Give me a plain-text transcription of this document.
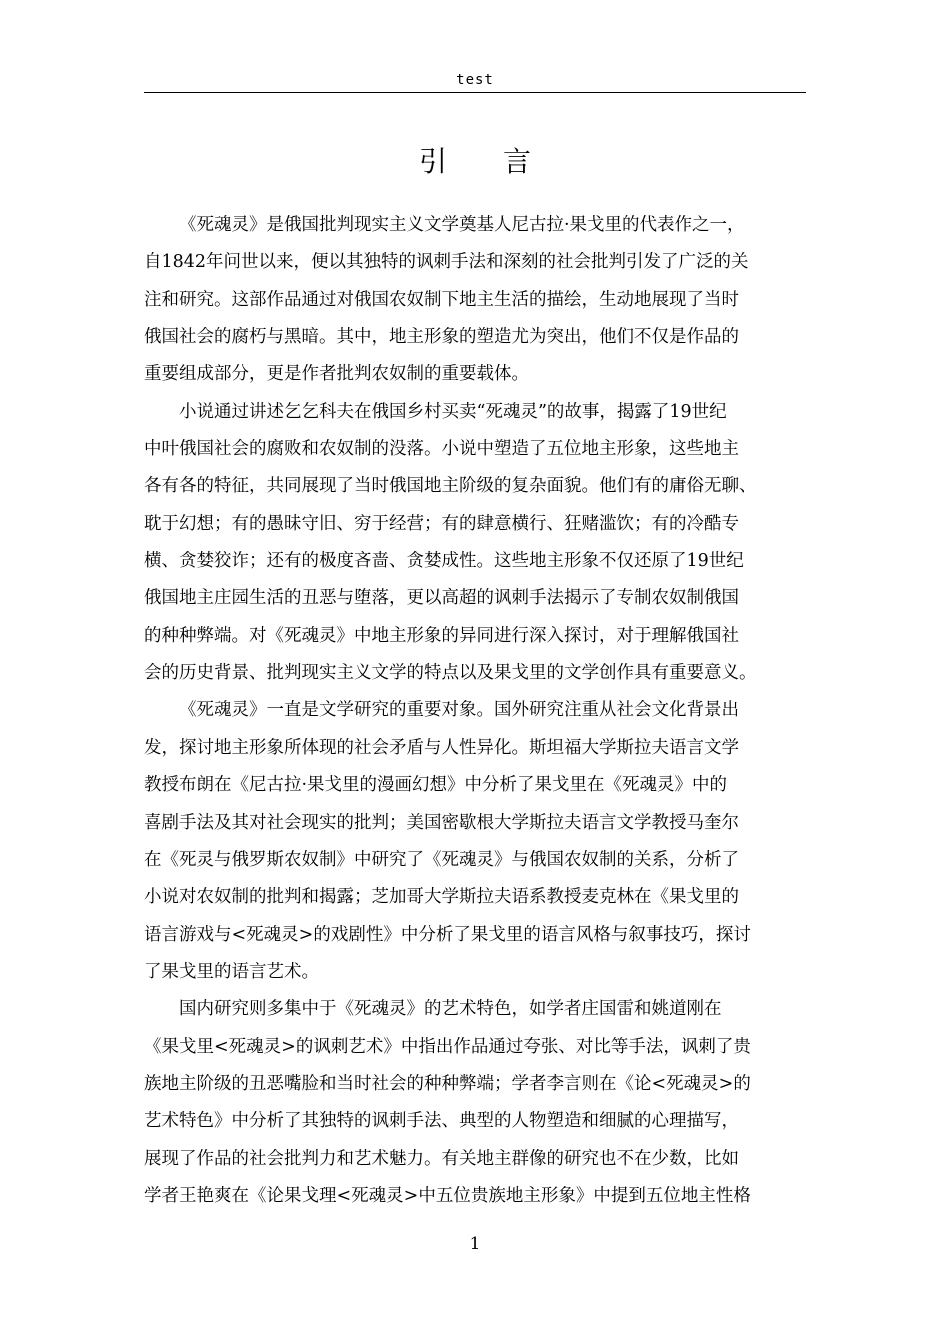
test
引言

《死魂灵》是俄国批判现实主义文学奠基人尼古拉·果戈里的代表作之一，
自1842年问世以来，便以其独特的讽刺手法和深刻的社会批判引发了广泛的关
注和研究。这部作品通过对俄国农奴制下地主生活的描绘，生动地展现了当时
俄国社会的腐朽与黑暗。其中，地主形象的塑造尤为突出，他们不仅是作品的
重要组成部分，更是作者批判农奴制的重要载体。

小说通过讲述乞乞科夫在俄国乡村买卖“死魂灵”的故事，揭露了19世纪
中叶俄国社会的腐败和农奴制的没落。小说中塑造了五位地主形象，这些地主
各有各的特征，共同展现了当时俄国地主阶级的复杂面貌。他们有的庸俗无聊、
耽于幻想；有的愚昧守旧、穷于经营；有的肆意横行、狂赌滥饮；有的冷酷专
横、贪婪狡诈；还有的极度吝啬、贪婪成性。这些地主形象不仅还原了19世纪
俄国地主庄园生活的丑恶与堕落，更以高超的讽刺手法揭示了专制农奴制俄国
的种种弊端。对《死魂灵》中地主形象的异同进行深入探讨，对于理解俄国社
会的历史背景、批判现实主义文学的特点以及果戈里的文学创作具有重要意义。

《死魂灵》一直是文学研究的重要对象。国外研究注重从社会文化背景出
发，探讨地主形象所体现的社会矛盾与人性异化。斯坦福大学斯拉夫语言文学
教授布朗在《尼古拉·果戈里的漫画幻想》中分析了果戈里在《死魂灵》中的
喜剧手法及其对社会现实的批判；美国密歇根大学斯拉夫语言文学教授马奎尔
在《死灵与俄罗斯农奴制》中研究了《死魂灵》与俄国农奴制的关系，分析了
小说对农奴制的批判和揭露；芝加哥大学斯拉夫语系教授麦克林在《果戈里的
语言游戏与<死魂灵>的戏剧性》中分析了果戈里的语言风格与叙事技巧，探讨
了果戈里的语言艺术。

国内研究则多集中于《死魂灵》的艺术特色，如学者庄国雷和姚道刚在
《果戈里<死魂灵>的讽刺艺术》中指出作品通过夸张、对比等手法，讽刺了贵
族地主阶级的丑恶嘴脸和当时社会的种种弊端；学者李言则在《论<死魂灵>的
艺术特色》中分析了其独特的讽刺手法、典型的人物塑造和细腻的心理描写，
展现了作品的社会批判力和艺术魅力。有关地主群像的研究也不在少数，比如
学者王艳爽在《论果戈理<死魂灵>中五位贵族地主形象》中提到五位地主性格

1
